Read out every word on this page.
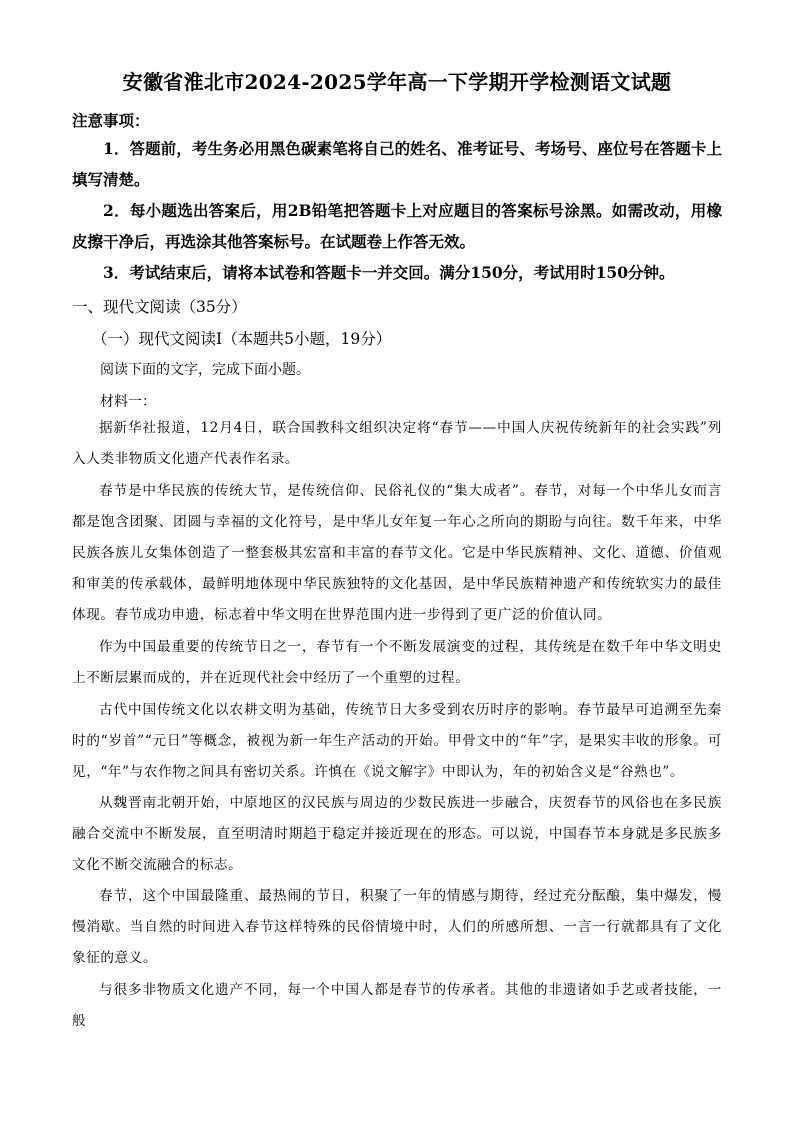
安徽省淮北市2024-2025学年高一下学期开学检测语文试题
注意事项：
1．答题前，考生务必用黑色碳素笔将自己的姓名、准考证号、考场号、座位号在答题卡上填写清楚。
2．每小题选出答案后，用2B铅笔把答题卡上对应题目的答案标号涂黑。如需改动，用橡皮擦干净后，再选涂其他答案标号。在试题卷上作答无效。
3．考试结束后，请将本试卷和答题卡一并交回。满分150分，考试用时150分钟。
一、现代文阅读（35分）
（一）现代文阅读Ⅰ（本题共5小题，19分）
阅读下面的文字，完成下面小题。
材料一：
据新华社报道，12月4日，联合国教科文组织决定将“春节——中国人庆祝传统新年的社会实践”列入人类非物质文化遗产代表作名录。
春节是中华民族的传统大节，是传统信仰、民俗礼仪的“集大成者”。春节，对每一个中华儿女而言都是饱含团聚、团圆与幸福的文化符号，是中华儿女年复一年心之所向的期盼与向往。数千年来，中华民族各族儿女集体创造了一整套极其宏富和丰富的春节文化。它是中华民族精神、文化、道德、价值观和审美的传承载体，最鲜明地体现中华民族独特的文化基因，是中华民族精神遗产和传统软实力的最佳体现。春节成功申遗，标志着中华文明在世界范围内进一步得到了更广泛的价值认同。
作为中国最重要的传统节日之一，春节有一个不断发展演变的过程，其传统是在数千年中华文明史上不断层累而成的，并在近现代社会中经历了一个重塑的过程。
古代中国传统文化以农耕文明为基础，传统节日大多受到农历时序的影响。春节最早可追溯至先秦时的“岁首”“元日”等概念，被视为新一年生产活动的开始。甲骨文中的“年”字，是果实丰收的形象。可见，“年”与农作物之间具有密切关系。许慎在《说文解字》中即认为，年的初始含义是“谷熟也”。
从魏晋南北朝开始，中原地区的汉民族与周边的少数民族进一步融合，庆贺春节的风俗也在多民族融合交流中不断发展，直至明清时期趋于稳定并接近现在的形态。可以说，中国春节本身就是多民族多文化不断交流融合的标志。
春节，这个中国最隆重、最热闹的节日，积聚了一年的情感与期待，经过充分酝酿，集中爆发，慢慢消歇。当自然的时间进入春节这样特殊的民俗情境中时，人们的所感所想、一言一行就都具有了文化象征的意义。
与很多非物质文化遗产不同，每一个中国人都是春节的传承者。其他的非遗诸如手艺或者技能，一般
